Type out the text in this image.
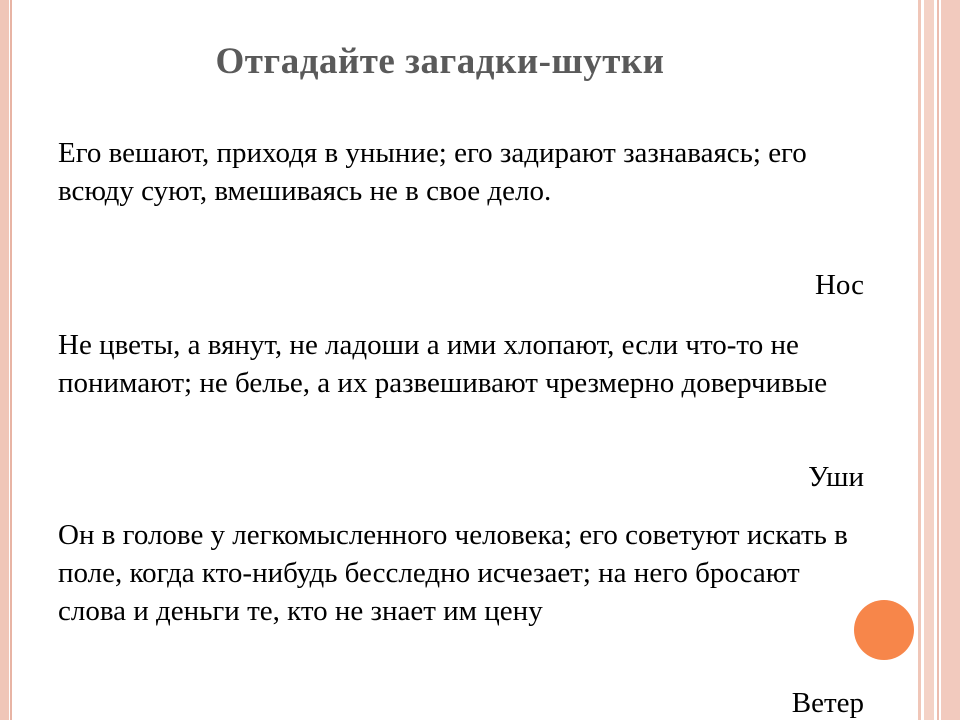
Отгадайте загадки-шутки
Его вешают, приходя в уныние; его задирают зазнаваясь; его всюду суют, вмешиваясь не в свое дело.
Нос
Не цветы, а вянут, не ладоши а ими хлопают, если что-то не понимают; не белье, а их развешивают чрезмерно доверчивые
Уши
Он в голове у легкомысленного человека; его советуют искать в поле, когда кто-нибудь бесследно исчезает; на него бросают слова и деньги те, кто не знает им цену
Ветер
